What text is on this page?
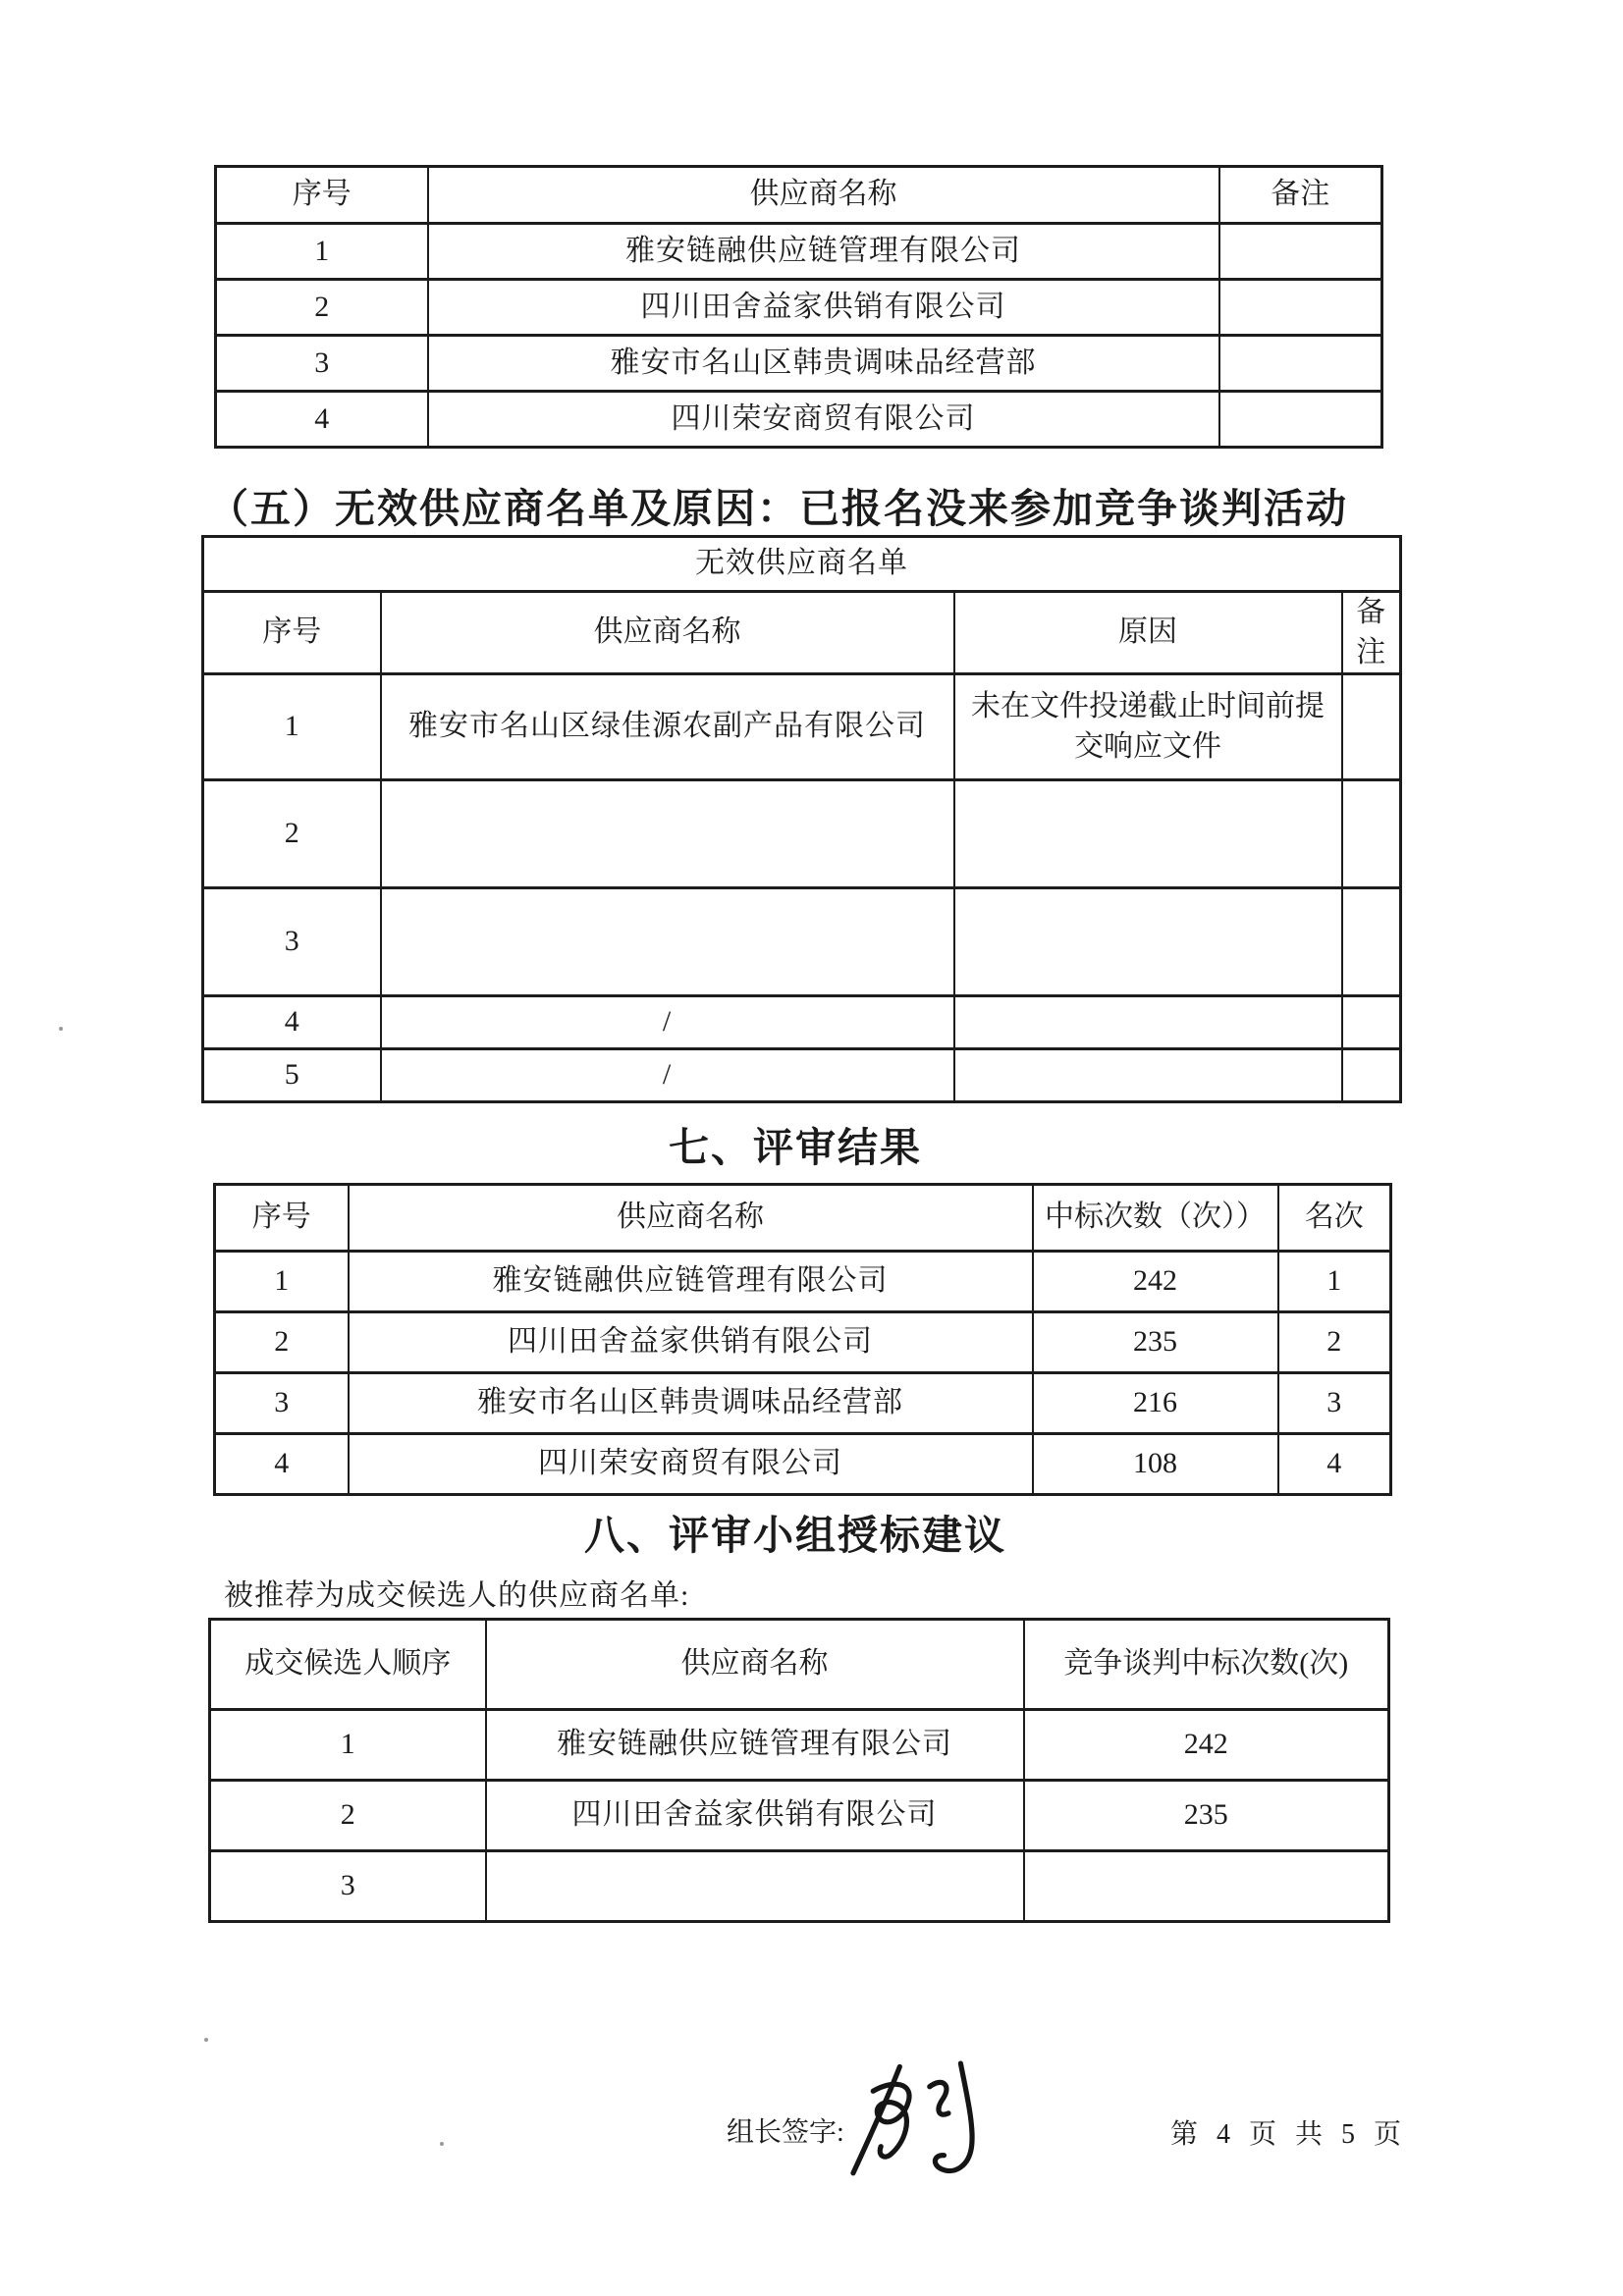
序号	供应商名称	备注
1	雅安链融供应链管理有限公司	
2	四川田舍益家供销有限公司	
3	雅安市名山区韩贵调味品经营部	
4	四川荣安商贸有限公司	
（五）无效供应商名单及原因：已报名没来参加竞争谈判活动
无效供应商名单			
序号	供应商名称	原因	备注
1	雅安市名山区绿佳源农副产品有限公司	未在文件投递截止时间前提交响应文件	
2			
3			
4	/		
5	/		
七、评审结果
序号	供应商名称	中标次数（次））	名次
1	雅安链融供应链管理有限公司	242	1
2	四川田舍益家供销有限公司	235	2
3	雅安市名山区韩贵调味品经营部	216	3
4	四川荣安商贸有限公司	108	4
八、评审小组授标建议
被推荐为成交候选人的供应商名单:
成交候选人顺序	供应商名称	竞争谈判中标次数(次)
1	雅安链融供应链管理有限公司	242
2	四川田舍益家供销有限公司	235
3		
组长签字:	第 4 页 共 5 页
